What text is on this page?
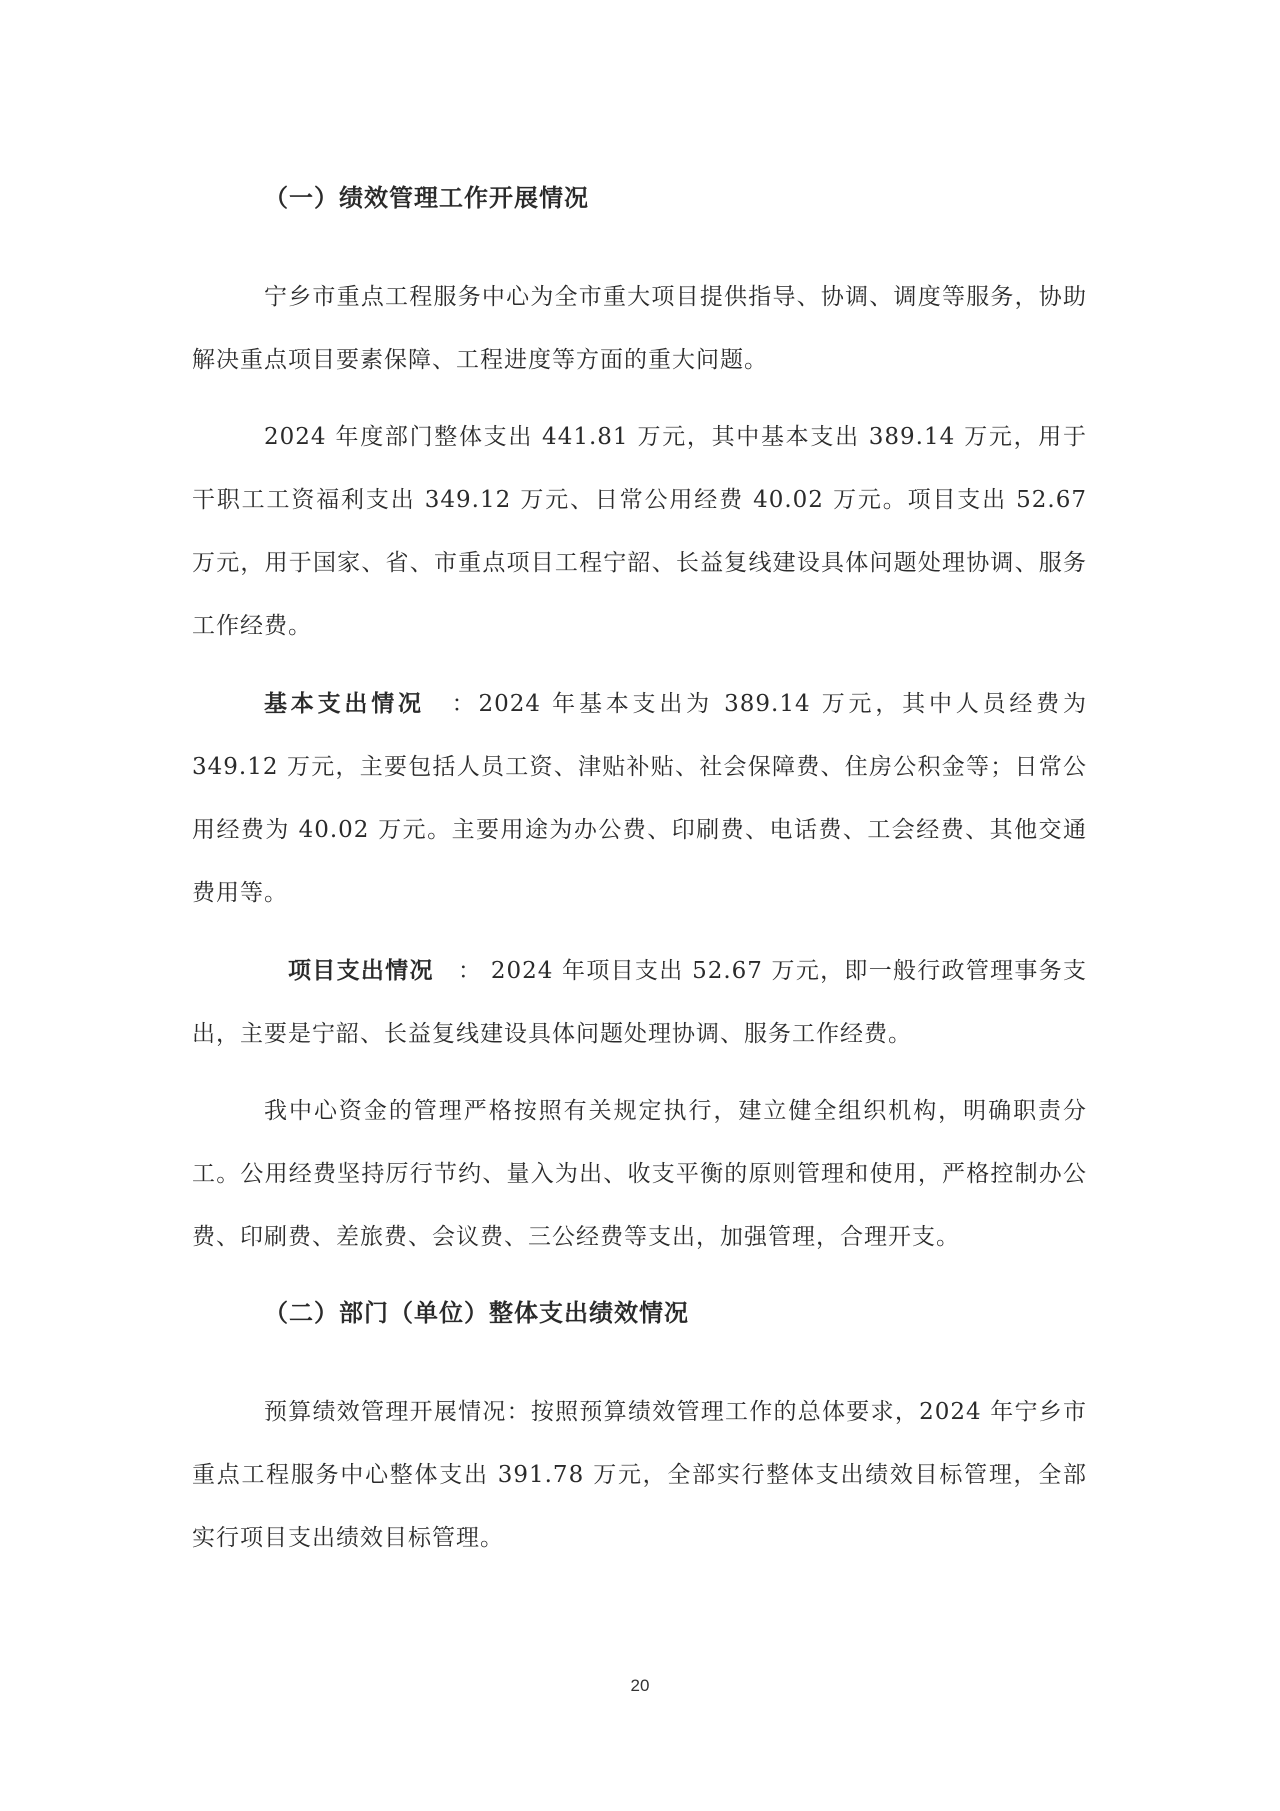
（一）绩效管理工作开展情况

宁乡市重点工程服务中心为全市重大项目提供指导、协调、调度等服务，协助解决重点项目要素保障、工程进度等方面的重大问题。

2024 年度部门整体支出 441.81 万元，其中基本支出 389.14 万元，用于干职工工资福利支出 349.12 万元、日常公用经费 40.02 万元。项目支出 52.67 万元，用于国家、省、市重点项目工程宁韶、长益复线建设具体问题处理协调、服务工作经费。

基本支出情况 ：2024 年基本支出为 389.14 万元，其中人员经费为 349.12 万元，主要包括人员工资、津贴补贴、社会保障费、住房公积金等；日常公用经费为 40.02 万元。主要用途为办公费、印刷费、电话费、工会经费、其他交通费用等。

项目支出情况 ： 2024 年项目支出 52.67 万元，即一般行政管理事务支出，主要是宁韶、长益复线建设具体问题处理协调、服务工作经费。

我中心资金的管理严格按照有关规定执行，建立健全组织机构，明确职责分工。公用经费坚持厉行节约、量入为出、收支平衡的原则管理和使用，严格控制办公费、印刷费、差旅费、会议费、三公经费等支出，加强管理，合理开支。

（二）部门（单位）整体支出绩效情况

预算绩效管理开展情况：按照预算绩效管理工作的总体要求，2024 年宁乡市重点工程服务中心整体支出 391.78 万元，全部实行整体支出绩效目标管理，全部实行项目支出绩效目标管理。

20
